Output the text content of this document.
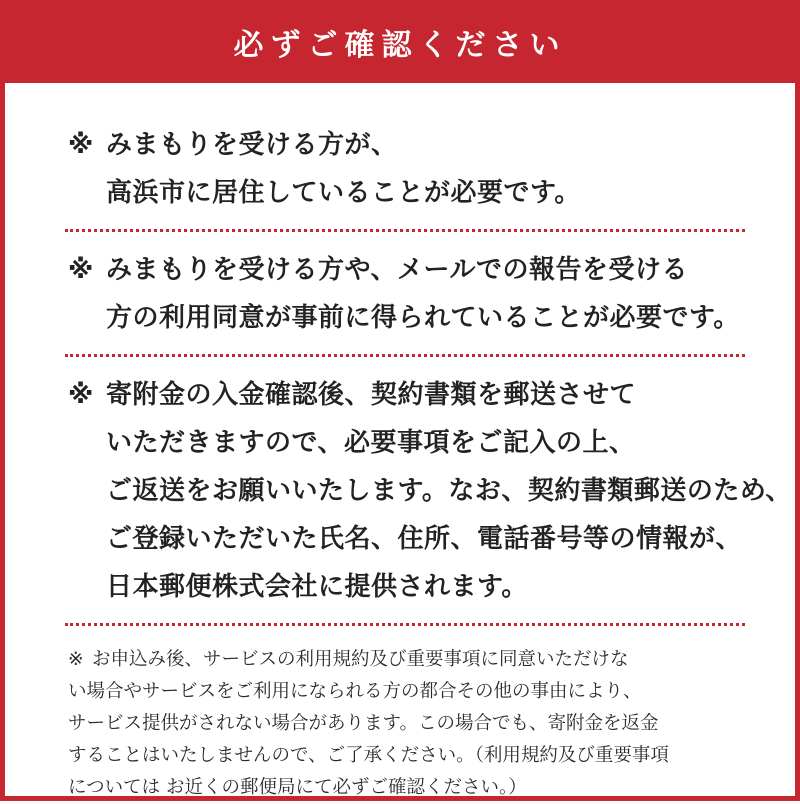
必ずご確認ください
※ みまもりを受ける方が、
高浜市に居住していることが必要です。
※ みまもりを受ける方や、メールでの報告を受ける
方の利用同意が事前に得られていることが必要です。
※ 寄附金の入金確認後、契約書類を郵送させて
いただきますので、必要事項をご記入の上、
ご返送をお願いいたします。なお、契約書類郵送のため、
ご登録いただいた氏名、住所、電話番号等の情報が、
日本郵便株式会社に提供されます。
※ お申込み後、サービスの利用規約及び重要事項に同意いただけな
い場合やサービスをご利用になられる方の都合その他の事由により、
サービス提供がされない場合があります。この場合でも、寄附金を返金
することはいたしませんので、ご了承ください。（利用規約及び重要事項
については お近くの郵便局にて必ずご確認ください。）
